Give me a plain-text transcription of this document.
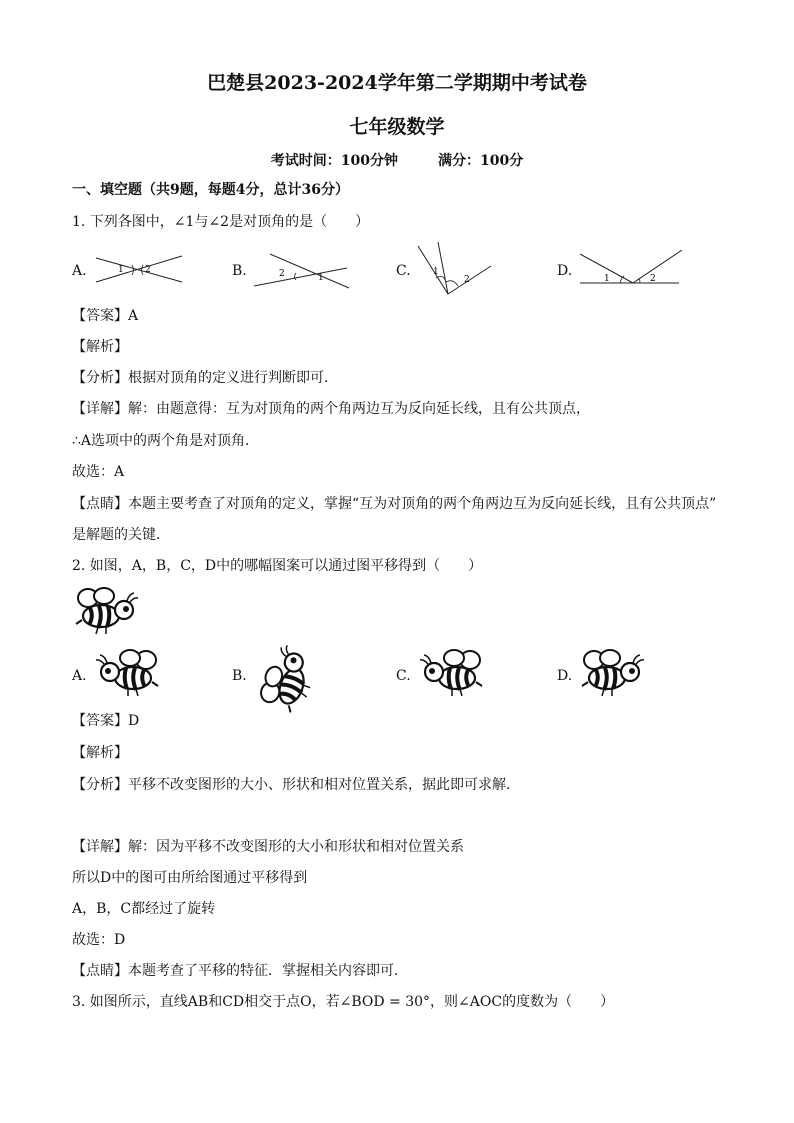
巴楚县2023-2024学年第二学期期中考试卷
七年级数学
考试时间：100分钟	满分：100分
一、填空题（共9题，每题4分，总计36分）
1. 下列各图中，∠1与∠2是对顶角的是（　　）
A.	1 2	B.	2	1	C. 1
2
D.	1	2
【答案】A
【解析】
【分析】根据对顶角的定义进行判断即可．
【详解】解：由题意得：互为对顶角的两个角两边互为反向延长线，且有公共顶点，
∴A选项中的两个角是对顶角．
故选：A
【点睛】本题主要考查了对顶角的定义，掌握“互为对顶角的两个角两边互为反向延长线，且有公共顶点”
是解题的关键．
2. 如图，A，B，C，D中的哪幅图案可以通过图平移得到（　　）
A.	B.	C.	D.
【答案】D
【解析】
【分析】平移不改变图形的大小、形状和相对位置关系，据此即可求解．
【详解】解：因为平移不改变图形的大小和形状和相对位置关系
所以D中的图可由所给图通过平移得到
A，B，C都经过了旋转
故选：D
【点睛】本题考查了平移的特征．掌握相关内容即可．
3. 如图所示，直线AB和CD相交于点O，若∠BOD = 30°，则∠AOC的度数为（　　）
